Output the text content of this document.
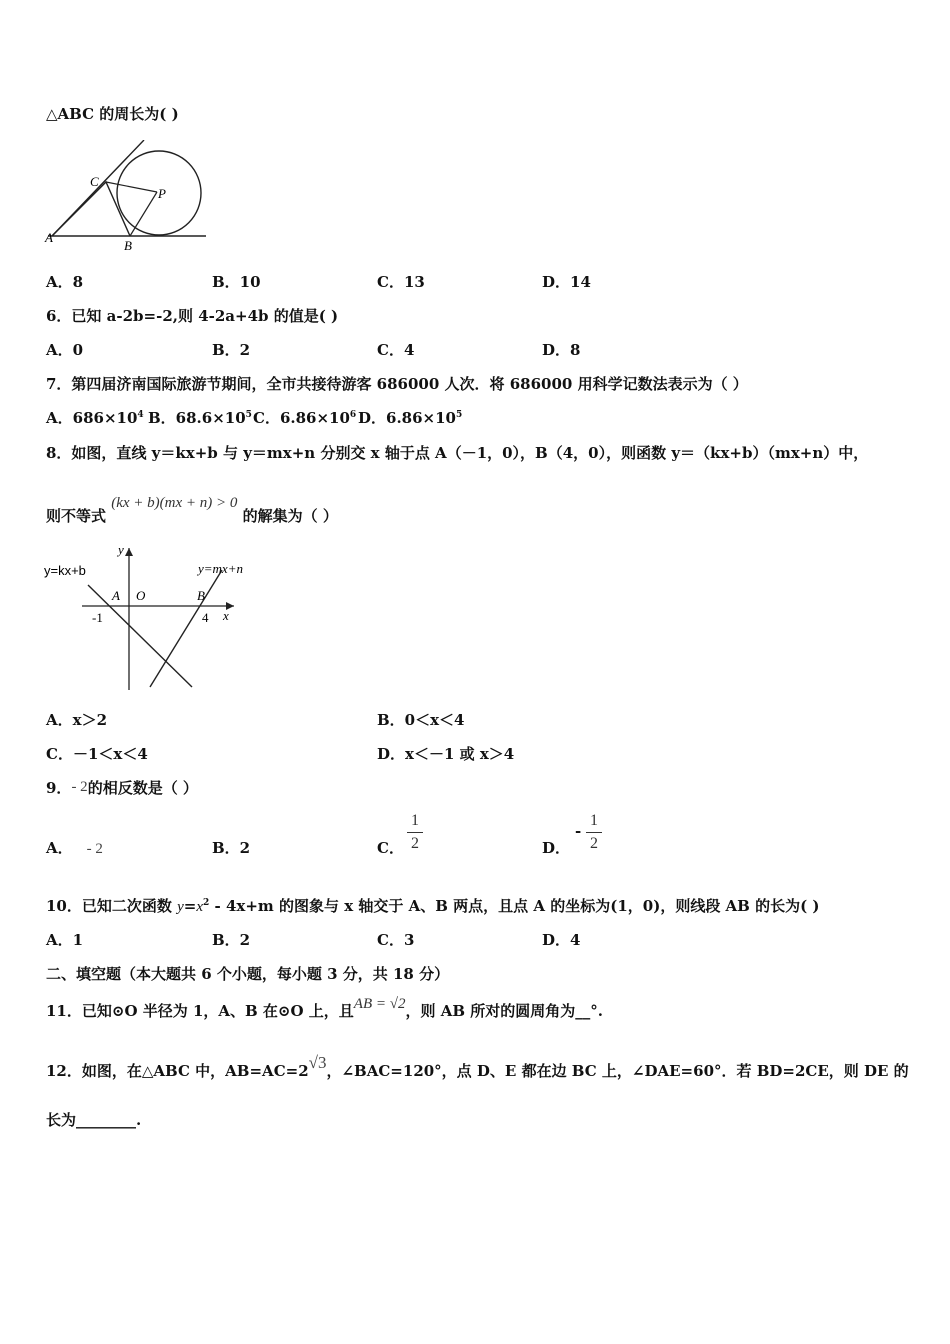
△ABC 的周长为( )
C
P
A
B
A．8	B．10	C．13	D．14
6．已知 a-2b=-2,则 4-2a+4b 的值是( )
A．0	B．2	C．4	D．8
7．第四届济南国际旅游节期间，全市共接待游客 686000 人次．将 686000 用科学记数法表示为（ ）
A．$686\times 10^4$ B．$68.6\times 10^5$ C．$6.86\times 10^6$ D．$6.86\times 10^5$
8．如图，直线 y＝kx+b 与 y＝mx+n 分别交 x 轴于点 A（－1，0），B（4，0），则函数 y＝（kx+b）（mx+n）中，
则不等式 (kx + b)(mx + n) > 0 的解集为（ ）
y
y=kx+b	y=mx+n
A O	B
-1	4 x
A．x＞2	B．0＜x＜4
C．－1＜x＜4	D．x＜－1 或 x＞4
9．- 2的相反数是（ ）
A． - 2	B．2	C． $\frac{1}{2}$	D．
- $\frac{1}{2}$
10．已知二次函数 $y=x^2 - 4x+m$ 的图象与 x 轴交于 A、B 两点，且点 A 的坐标为(1，0)，则线段 AB 的长为( )
A．1	B．2	C．3	D．4
二、填空题（本大题共 6 个小题，每小题 3 分，共 18 分）
11．已知⊙O 半径为 1，A、B 在⊙O 上，且AB = √2，则 AB 所对的圆周角为__°.
12．如图，在△ABC 中，AB=AC=2√3，∠BAC=120°，点 D、E 都在边 BC 上，∠DAE=60°．若 BD=2CE，则 DE 的
长为________.
